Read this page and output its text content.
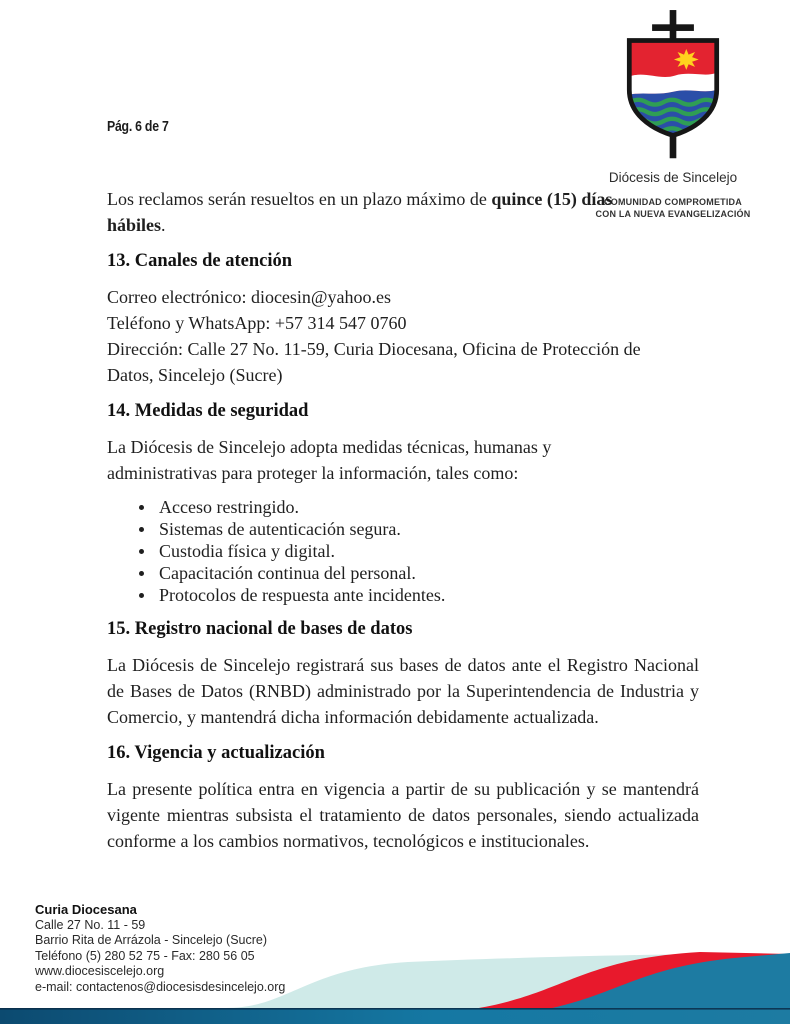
Pág. 6 de 7
Diócesis de Sincelejo
COMUNIDAD COMPROMETIDA
CON LA NUEVA EVANGELIZACIÓN

Los reclamos serán resueltos en un plazo máximo de quince (15) días
hábiles.

13. Canales de atención

Correo electrónico: diocesin@yahoo.es
Teléfono y WhatsApp: +57 314 547 0760
Dirección: Calle 27 No. 11-59, Curia Diocesana, Oficina de Protección de
Datos, Sincelejo (Sucre)

14. Medidas de seguridad

La Diócesis de Sincelejo adopta medidas técnicas, humanas y
administrativas para proteger la información, tales como:

Acceso restringido.
Sistemas de autenticación segura.
Custodia física y digital.
Capacitación continua del personal.
Protocolos de respuesta ante incidentes.
15. Registro nacional de bases de datos

La Diócesis de Sincelejo registrará sus bases de datos ante el Registro Nacional de Bases de Datos (RNBD) administrado por la Superintendencia de Industria y Comercio, y mantendrá dicha información debidamente actualizada.

16. Vigencia y actualización

La presente política entra en vigencia a partir de su publicación y se mantendrá vigente mientras subsista el tratamiento de datos personales, siendo actualizada conforme a los cambios normativos, tecnológicos e institucionales.

Curia Diocesana
Calle 27 No. 11 - 59
Barrio Rita de Arrázola - Sincelejo (Sucre)
Teléfono (5) 280 52 75 - Fax: 280 56 05
www.diocesiscelejo.org
e-mail: contactenos@diocesisdesincelejo.org
